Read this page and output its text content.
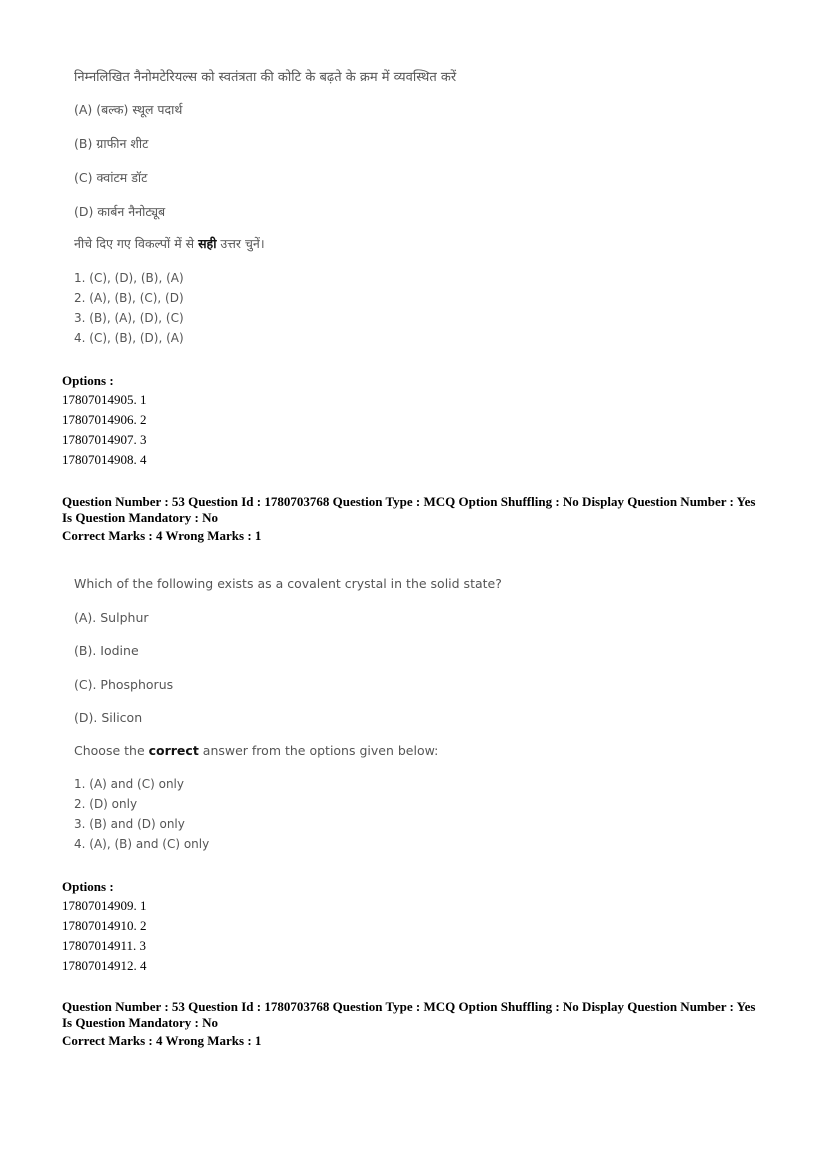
निम्नलिखित नैनोमटेरियल्स को स्वतंत्रता की कोटि के बढ़ते के क्रम में व्यवस्थित करें
(A) (बल्क) स्थूल पदार्थ
(B) ग्राफीन शीट
(C) क्वांटम डॉट
(D) कार्बन नैनोट्यूब
नीचे दिए गए विकल्पों में से सही उत्तर चुनें।
1. (C), (D), (B), (A)
2. (A), (B), (C), (D)
3. (B), (A), (D), (C)
4. (C), (B), (D), (A)
Options :
17807014905. 1
17807014906. 2
17807014907. 3
17807014908. 4
Question Number : 53 Question Id : 1780703768 Question Type : MCQ Option Shuffling : No Display Question Number : Yes
Is Question Mandatory : No
Correct Marks : 4 Wrong Marks : 1
Which of the following exists as a covalent crystal in the solid state?
(A). Sulphur
(B). Iodine
(C). Phosphorus
(D). Silicon
Choose the correct answer from the options given below:
1. (A) and (C) only
2. (D) only
3. (B) and (D) only
4. (A), (B) and (C) only
Options :
17807014909. 1
17807014910. 2
17807014911. 3
17807014912. 4
Question Number : 53 Question Id : 1780703768 Question Type : MCQ Option Shuffling : No Display Question Number : Yes
Is Question Mandatory : No
Correct Marks : 4 Wrong Marks : 1
